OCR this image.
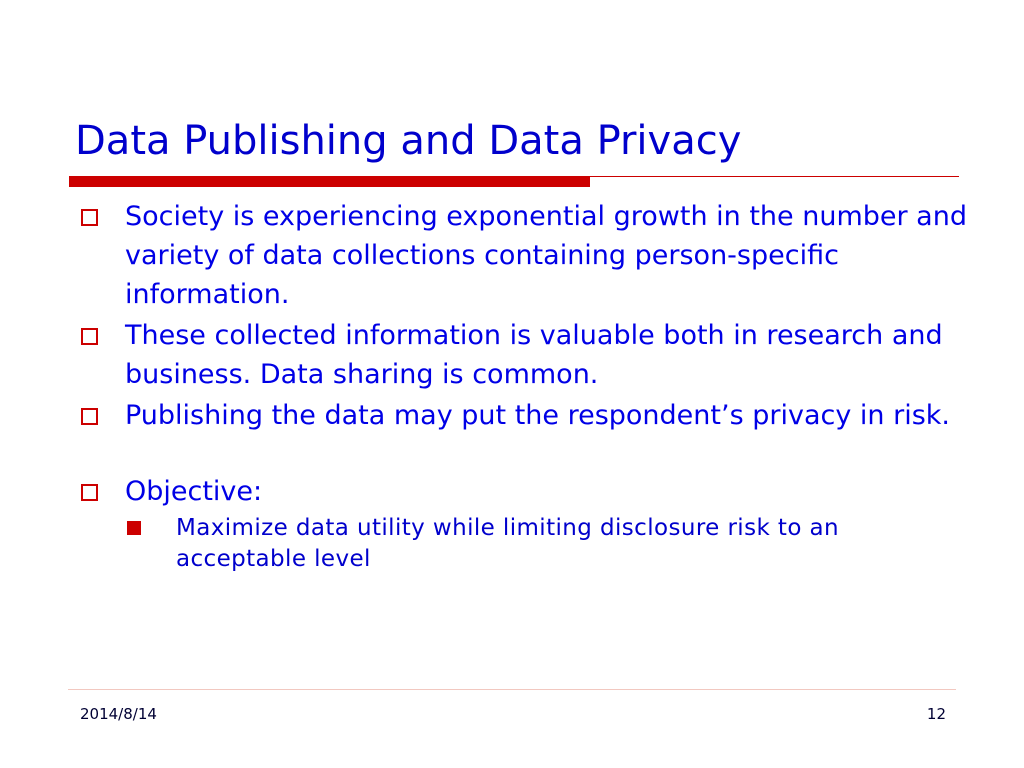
Data Publishing and Data Privacy
Society is experiencing exponential growth in the number and variety of data collections containing person-specific information.
These collected information is valuable both in research and business. Data sharing is common.
Publishing the data may put the respondent’s privacy in risk.
Objective:
Maximize data utility while limiting disclosure risk to an acceptable level
2014/8/14	12
